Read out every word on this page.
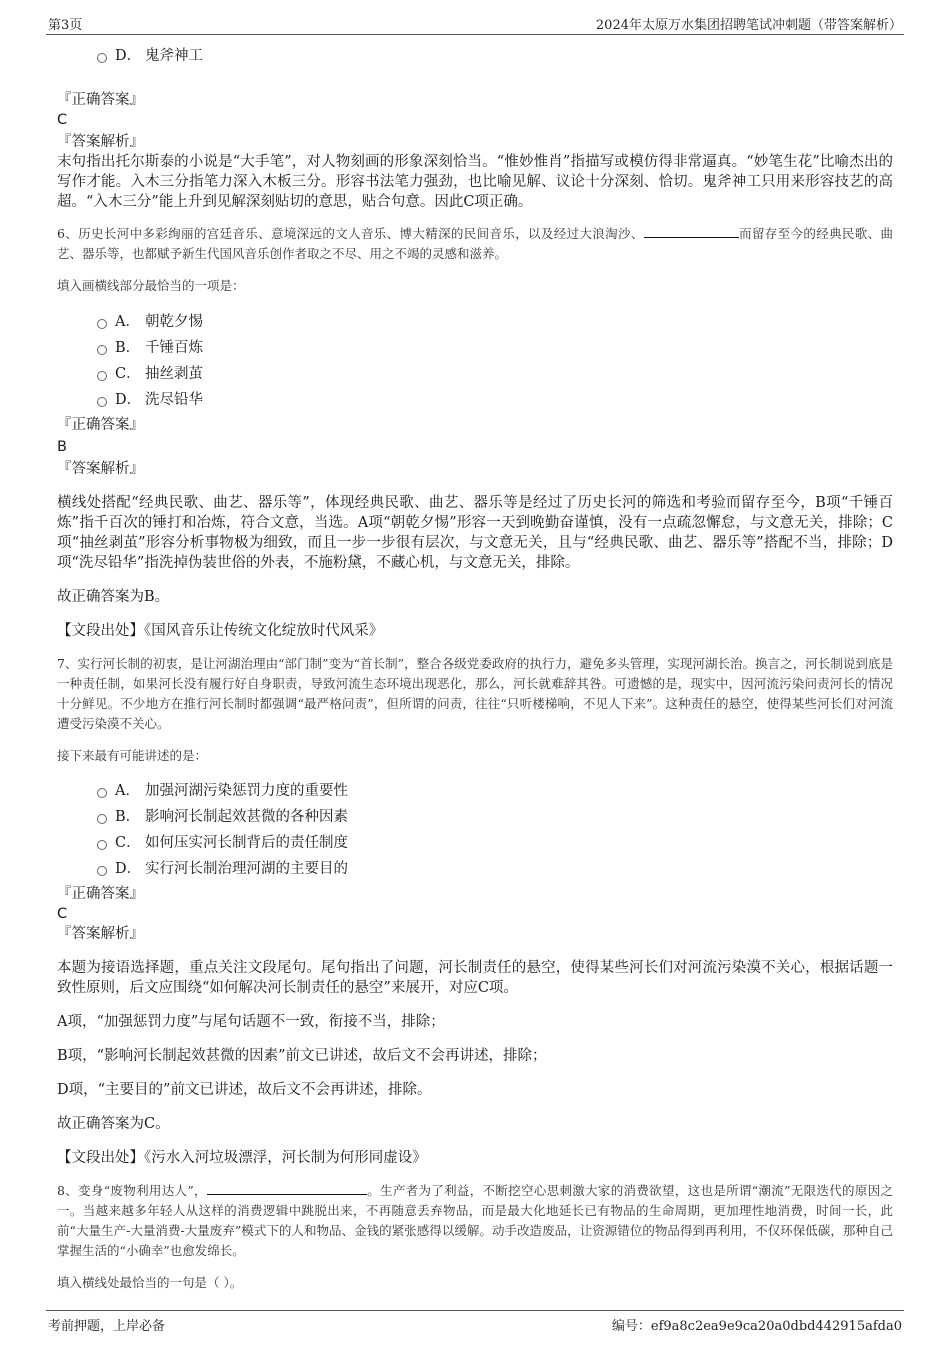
第3页	2024年太原万水集团招聘笔试冲刺题（带答案解析）
D． 鬼斧神工
『正确答案』
C
『答案解析』
末句指出托尔斯泰的小说是“大手笔”，对人物刻画的形象深刻恰当。“惟妙惟肖”指描写或模仿得非常逼真。“妙笔生花”比喻杰出的写作才能。入木三分指笔力深入木板三分。形容书法笔力强劲，也比喻见解、议论十分深刻、恰切。鬼斧神工只用来形容技艺的高超。“入木三分”能上升到见解深刻贴切的意思，贴合句意。因此C项正确。
6、历史长河中多彩绚丽的宫廷音乐、意境深远的文人音乐、博大精深的民间音乐，以及经过大浪淘沙、	而留存至今的经典民歌、曲艺、器乐等，也都赋予新生代国风音乐创作者取之不尽、用之不竭的灵感和滋养。
填入画横线部分最恰当的一项是：
A． 朝乾夕惕
B． 千锤百炼
C． 抽丝剥茧
D． 洗尽铅华
『正确答案』
B
『答案解析』
横线处搭配“经典民歌、曲艺、器乐等”，体现经典民歌、曲艺、器乐等是经过了历史长河的筛选和考验而留存至今，B项“千锤百炼”指千百次的锤打和冶炼，符合文意，当选。A项“朝乾夕惕”形容一天到晚勤奋谨慎，没有一点疏忽懈怠，与文意无关，排除；C项“抽丝剥茧”形容分析事物极为细致，而且一步一步很有层次，与文意无关，且与“经典民歌、曲艺、器乐等”搭配不当，排除；D项“洗尽铅华”指洗掉伪装世俗的外表，不施粉黛，不藏心机，与文意无关，排除。
故正确答案为B。
【文段出处】《国风音乐让传统文化绽放时代风采》
7、实行河长制的初衷，是让河湖治理由“部门制”变为“首长制”，整合各级党委政府的执行力，避免多头管理，实现河湖长治。换言之，河长制说到底是一种责任制，如果河长没有履行好自身职责，导致河流生态环境出现恶化，那么，河长就难辞其咎。可遗憾的是，现实中，因河流污染问责河长的情况十分鲜见。不少地方在推行河长制时都强调“最严格问责”，但所谓的问责，往往“只听楼梯响，不见人下来”。这种责任的悬空，使得某些河长们对河流遭受污染漠不关心。
接下来最有可能讲述的是：
A． 加强河湖污染惩罚力度的重要性
B． 影响河长制起效甚微的各种因素
C． 如何压实河长制背后的责任制度
D． 实行河长制治理河湖的主要目的
『正确答案』
C
『答案解析』
本题为接语选择题，重点关注文段尾句。尾句指出了问题，河长制责任的悬空，使得某些河长们对河流污染漠不关心，根据话题一致性原则，后文应围绕“如何解决河长制责任的悬空”来展开，对应C项。
A项，“加强惩罚力度”与尾句话题不一致，衔接不当，排除；
B项，“影响河长制起效甚微的因素”前文已讲述，故后文不会再讲述，排除；
D项，“主要目的”前文已讲述，故后文不会再讲述，排除。
故正确答案为C。
【文段出处】《污水入河垃圾漂浮，河长制为何形同虚设》
8、变身“废物利用达人”，	。生产者为了利益，不断挖空心思刺激大家的消费欲望，这也是所谓“潮流”无限迭代的原因之一。当越来越多年轻人从这样的消费逻辑中跳脱出来，不再随意丢弃物品，而是最大化地延长已有物品的生命周期，更加理性地消费，时间一长，此前“大量生产-大量消费-大量废弃”模式下的人和物品、金钱的紧张感得以缓解。动手改造废品，让资源错位的物品得到再利用，不仅环保低碳，那种自己掌握生活的“小确幸”也愈发绵长。
填入横线处最恰当的一句是（ ）。
考前押题，上岸必备	编号：ef9a8c2ea9e9ca20a0dbd442915afda0
